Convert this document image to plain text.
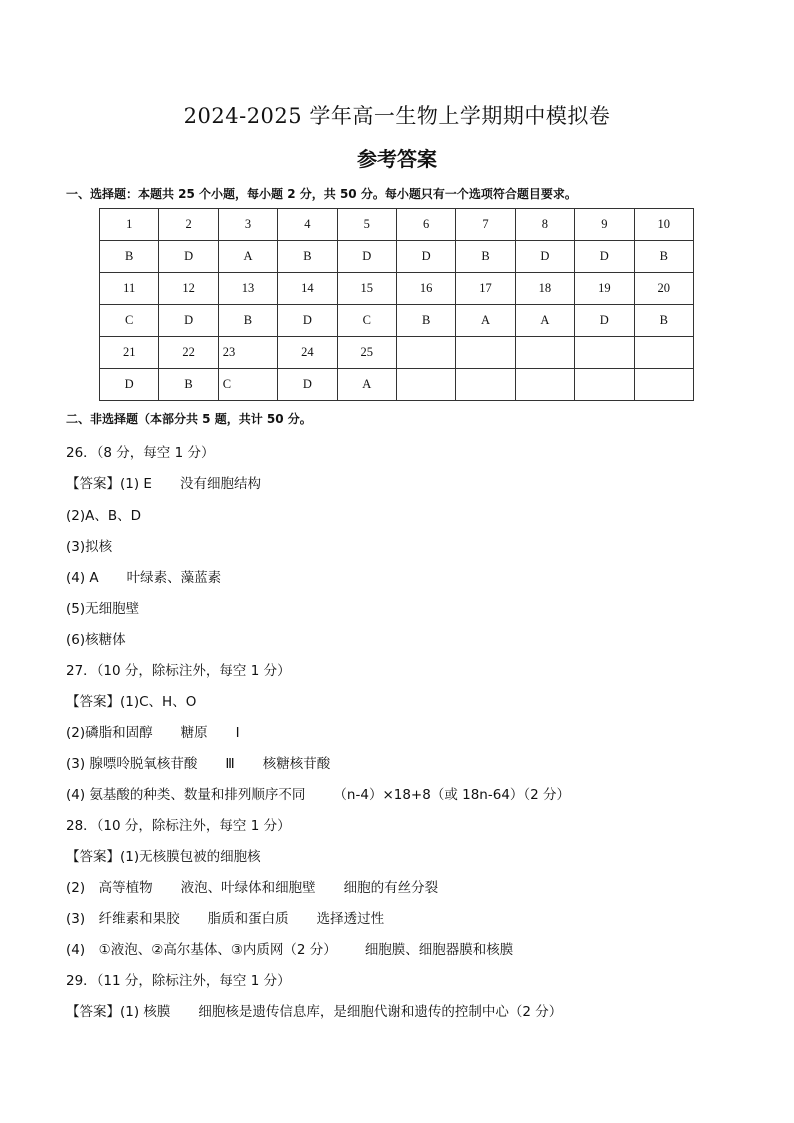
2024-2025 学年高一生物上学期期中模拟卷
参考答案
一、选择题：本题共 25 个小题，每小题 2 分，共 50 分。每小题只有一个选项符合题目要求。
1	2	3	4	5	6	7	8	9	10
B	D	A	B	D	D	B	D	D	B
11	12	13	14	15	16	17	18	19	20
C	D	B	D	C	B	A	A	D	B
21	22	23	24	25					
D	B	C	D	A					
二、非选择题（本部分共 5 题，共计 50 分。
26．（8 分，每空 1 分）
【答案】(1) E 没有细胞结构
(2)A、B、D
(3)拟核
(4) A 叶绿素、藻蓝素
(5)无细胞壁
(6)核糖体
27．（10 分，除标注外，每空 1 分）
【答案】(1)C、H、O
(2)磷脂和固醇 糖原 I
(3) 腺嘌呤脱氧核苷酸 Ⅲ 核糖核苷酸
(4) 氨基酸的种类、数量和排列顺序不同 （n-4）×18+8（或 18n-64）（2 分）
28．（10 分，除标注外，每空 1 分）
【答案】(1)无核膜包被的细胞核
(2)　高等植物 液泡、叶绿体和细胞壁 细胞的有丝分裂
(3)　纤维素和果胶 脂质和蛋白质 选择透过性
(4)　①液泡、②高尔基体、③内质网（2 分） 细胞膜、细胞器膜和核膜
29．（11 分，除标注外，每空 1 分）
【答案】(1) 核膜 细胞核是遗传信息库，是细胞代谢和遗传的控制中心（2 分）
